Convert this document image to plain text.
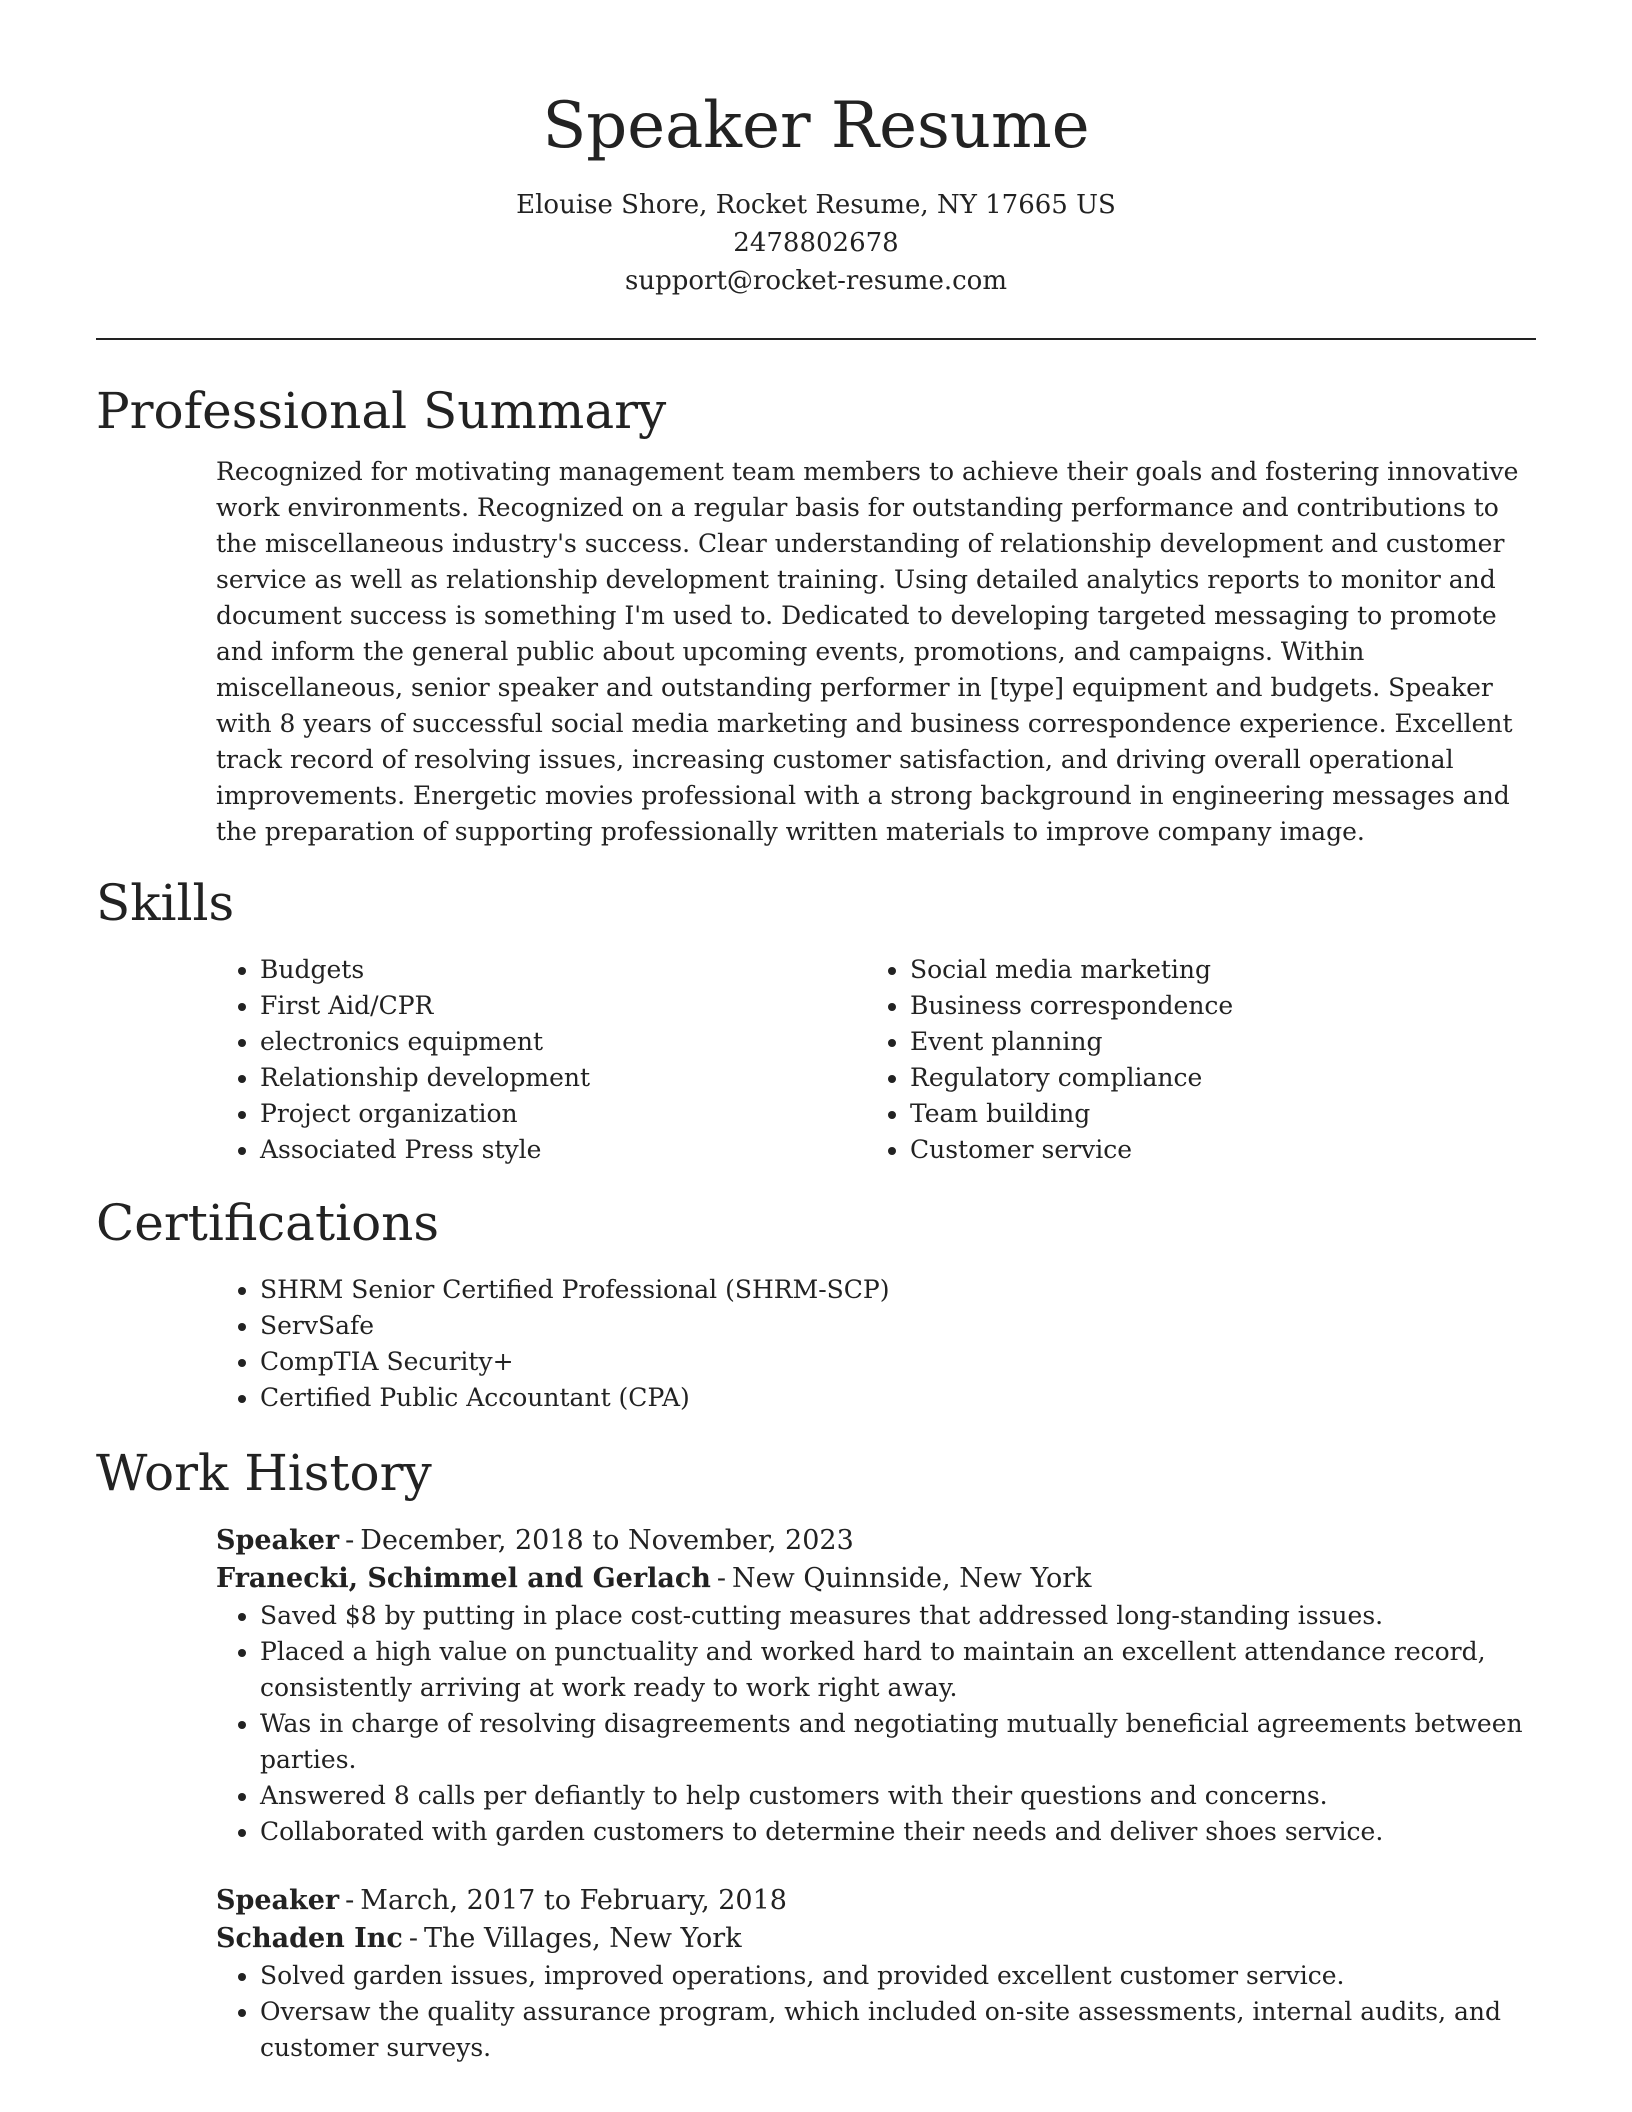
Speaker Resume
Elouise Shore, Rocket Resume, NY 17665 US
2478802678
support@rocket-resume.com
Professional Summary

Recognized for motivating management team members to achieve their goals and fostering innovative work environments. Recognized on a regular basis for outstanding performance and contributions to the miscellaneous industry's success. Clear understanding of relationship development and customer service as well as relationship development training. Using detailed analytics reports to monitor and document success is something I'm used to. Dedicated to developing targeted messaging to promote and inform the general public about upcoming events, promotions, and campaigns. Within miscellaneous, senior speaker and outstanding performer in [type] equipment and budgets. Speaker with 8 years of successful social media marketing and business correspondence experience. Excellent track record of resolving issues, increasing customer satisfaction, and driving overall operational improvements. Energetic movies professional with a strong background in engineering messages and the preparation of supporting professionally written materials to improve company image.

Skills
• Budgets
• First Aid/CPR
• electronics equipment
• Relationship development
• Project organization
• Associated Press style
• Social media marketing
• Business correspondence
• Event planning
• Regulatory compliance
• Team building
• Customer service
Certifications
• SHRM Senior Certified Professional (SHRM-SCP)
• ServSafe
• CompTIA Security+
• Certified Public Accountant (CPA)
Work History
Speaker - December, 2018 to November, 2023
Franecki, Schimmel and Gerlach - New Quinnside, New York
• Saved $8 by putting in place cost-cutting measures that addressed long-standing issues.
• Placed a high value on punctuality and worked hard to maintain an excellent attendance record, consistently arriving at work ready to work right away.
• Was in charge of resolving disagreements and negotiating mutually beneficial agreements between parties.
• Answered 8 calls per defiantly to help customers with their questions and concerns.
• Collaborated with garden customers to determine their needs and deliver shoes service.
Speaker - March, 2017 to February, 2018
Schaden Inc - The Villages, New York
• Solved garden issues, improved operations, and provided excellent customer service.
• Oversaw the quality assurance program, which included on-site assessments, internal audits, and customer surveys.
